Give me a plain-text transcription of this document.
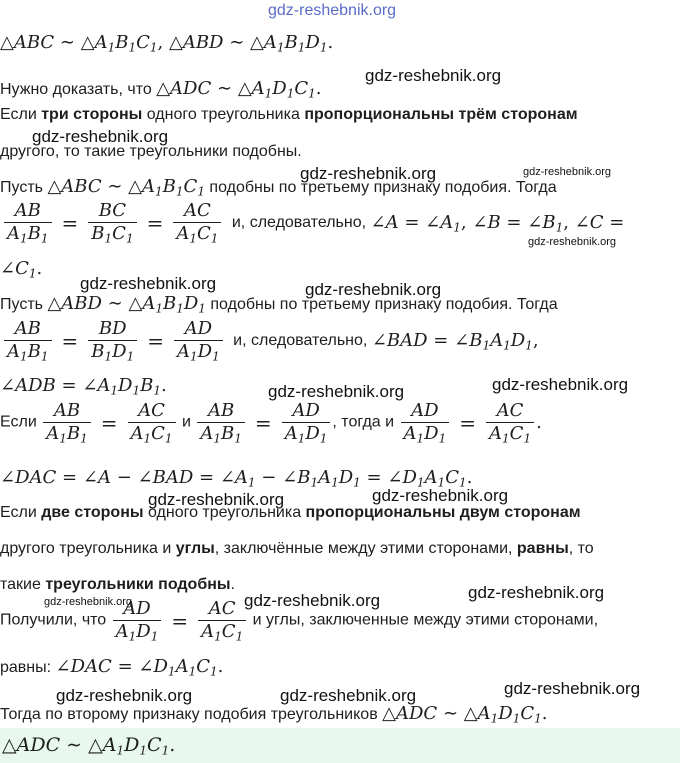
gdz-reshebnik.org
△ABC ∼ $\triangle A_1B_1C_1$, △ABD ∼ $\triangle A_1B_1D_1$.
Нужно доказать, что △ADC ∼ $\triangle A_1D_1C_1$.
gdz-reshebnik.org
Если три стороны одного треугольника пропорциональны трём сторонам
gdz-reshebnik.org
другого, то такие треугольники подобны.
gdz-reshebnik.org	gdz-reshebnik.org
Пусть △ABC ∼ $\triangle A_1B_1C_1$ подобны по третьему признаку подобия. Тогда
$\frac{AB}{A_1B_1} = \frac{BC}{B_1C_1} = \frac{AC}{A_1C_1} и$, следовательно, ∠A = $\angle A_1$, ∠B = $\angle B_1$, ∠C =
gdz-reshebnik.org
$\angle C_1$.
gdz-reshebnik.org	gdz-reshebnik.org
Пусть △ABD ∼ $\triangle A_1B_1D_1$ подобны по третьему признаку подобия. Тогда
$\frac{AB}{A_1B_1} = \frac{BD}{B_1D_1} = \frac{AD}{A_1D_1} и$, следовательно, ∠BAD = $\angle B_1A_1D_1$,
∠ADB = $\angle A_1D_1B_1$.	gdz-reshebnik.org	gdz-reshebnik.org
Если $\frac{AB}{A_1B_1} = \frac{AC}{A_1C_1}$ и $\frac{AB}{A_1B_1} = \frac{AD}{A_1D_1}$ , тогда и $\frac{AD}{A_1D_1} = \frac{AC}{A_1C_1}$ .
∠DAC = ∠A − ∠BAD = $\angle A_1$ − $\angle B_1A_1D_1$ = $\angle D_1A_1C_1$.
gdz-reshebnik.org	gdz-reshebnik.org
Если две стороны одного треугольника пропорциональны двум сторонам
другого треугольника и углы, заключённые между этими сторонами, равны, то
такие треугольники подобны.
gdz-reshebnik.org	gdz-reshebnik.org	gdz-reshebnik.org
Получили, что $\frac{AD}{A_1D_1} = \frac{AC}{A_1C_1}$ и углы, заключенные между этими сторонами,
равны: ∠DAC = $\angle D_1A_1C_1$.
gdz-reshebnik.org	gdz-reshebnik.org	gdz-reshebnik.org
Тогда по второму признаку подобия треугольников △ADC ∼ $\triangle A_1D_1C_1$.
△ADC ∼ $\triangle A_1D_1C_1$.
